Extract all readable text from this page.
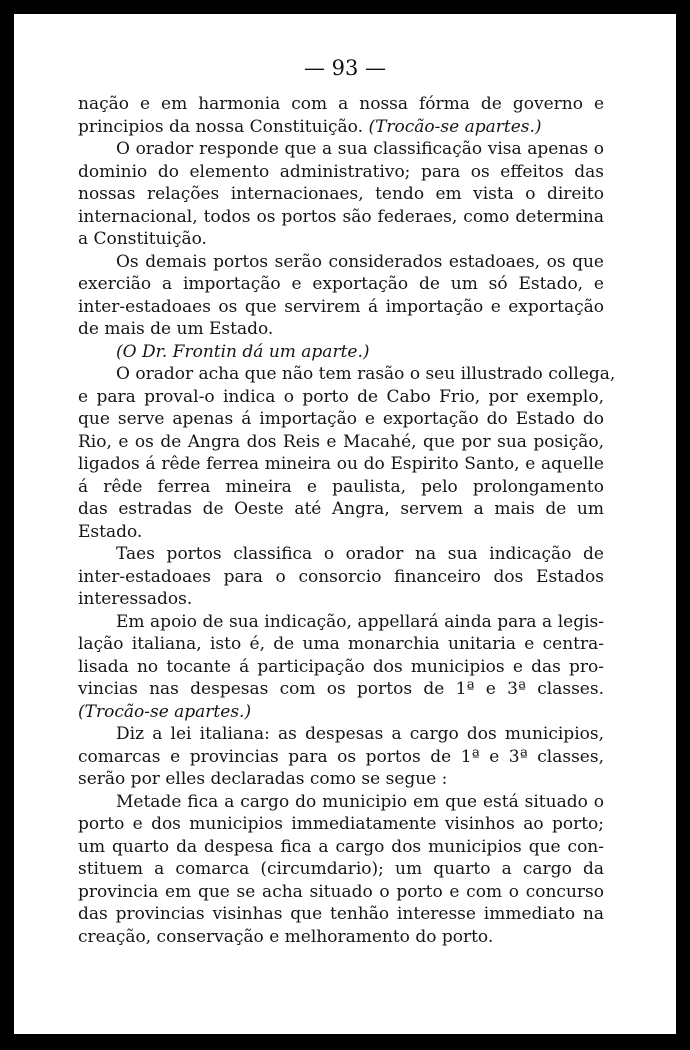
— 93 —
nação e em harmonia com a nossa fórma de governo e
principios da nossa Constituição. (Trocão-se apartes.)
O orador responde que a sua classificação visa apenas o
dominio do elemento administrativo; para os effeitos das
nossas relações internacionaes, tendo em vista o direito
internacional, todos os portos são federaes, como determina
a Constituição.
Os demais portos serão considerados estadoaes, os que
exercião a importação e exportação de um só Estado, e
inter-estadoaes os que servirem á importação e exportação
de mais de um Estado.
(O Dr. Frontin dá um aparte.)
O orador acha que não tem rasão o seu illustrado collega,
e para proval-o indica o porto de Cabo Frio, por exemplo,
que serve apenas á importação e exportação do Estado do
Rio, e os de Angra dos Reis e Macahé, que por sua posição,
ligados á rêde ferrea mineira ou do Espirito Santo, e aquelle
á rêde ferrea mineira e paulista, pelo prolongamento
das estradas de Oeste até Angra, servem a mais de um
Estado.
Taes portos classifica o orador na sua indicação de
inter-estadoaes para o consorcio financeiro dos Estados
interessados.
Em apoio de sua indicação, appellará ainda para a legis-
lação italiana, isto é, de uma monarchia unitaria e centra-
lisada no tocante á participação dos municipios e das pro-
vincias nas despesas com os portos de 1ª e 3ª classes.
(Trocão-se apartes.)
Diz a lei italiana: as despesas a cargo dos municipios,
comarcas e provincias para os portos de 1ª e 3ª classes,
serão por elles declaradas como se segue :
Metade fica a cargo do municipio em que está situado o
porto e dos municipios immediatamente visinhos ao porto;
um quarto da despesa fica a cargo dos municipios que con-
stituem a comarca (circumdario); um quarto a cargo da
provincia em que se acha situado o porto e com o concurso
das provincias visinhas que tenhão interesse immediato na
creação, conservação e melhoramento do porto.
